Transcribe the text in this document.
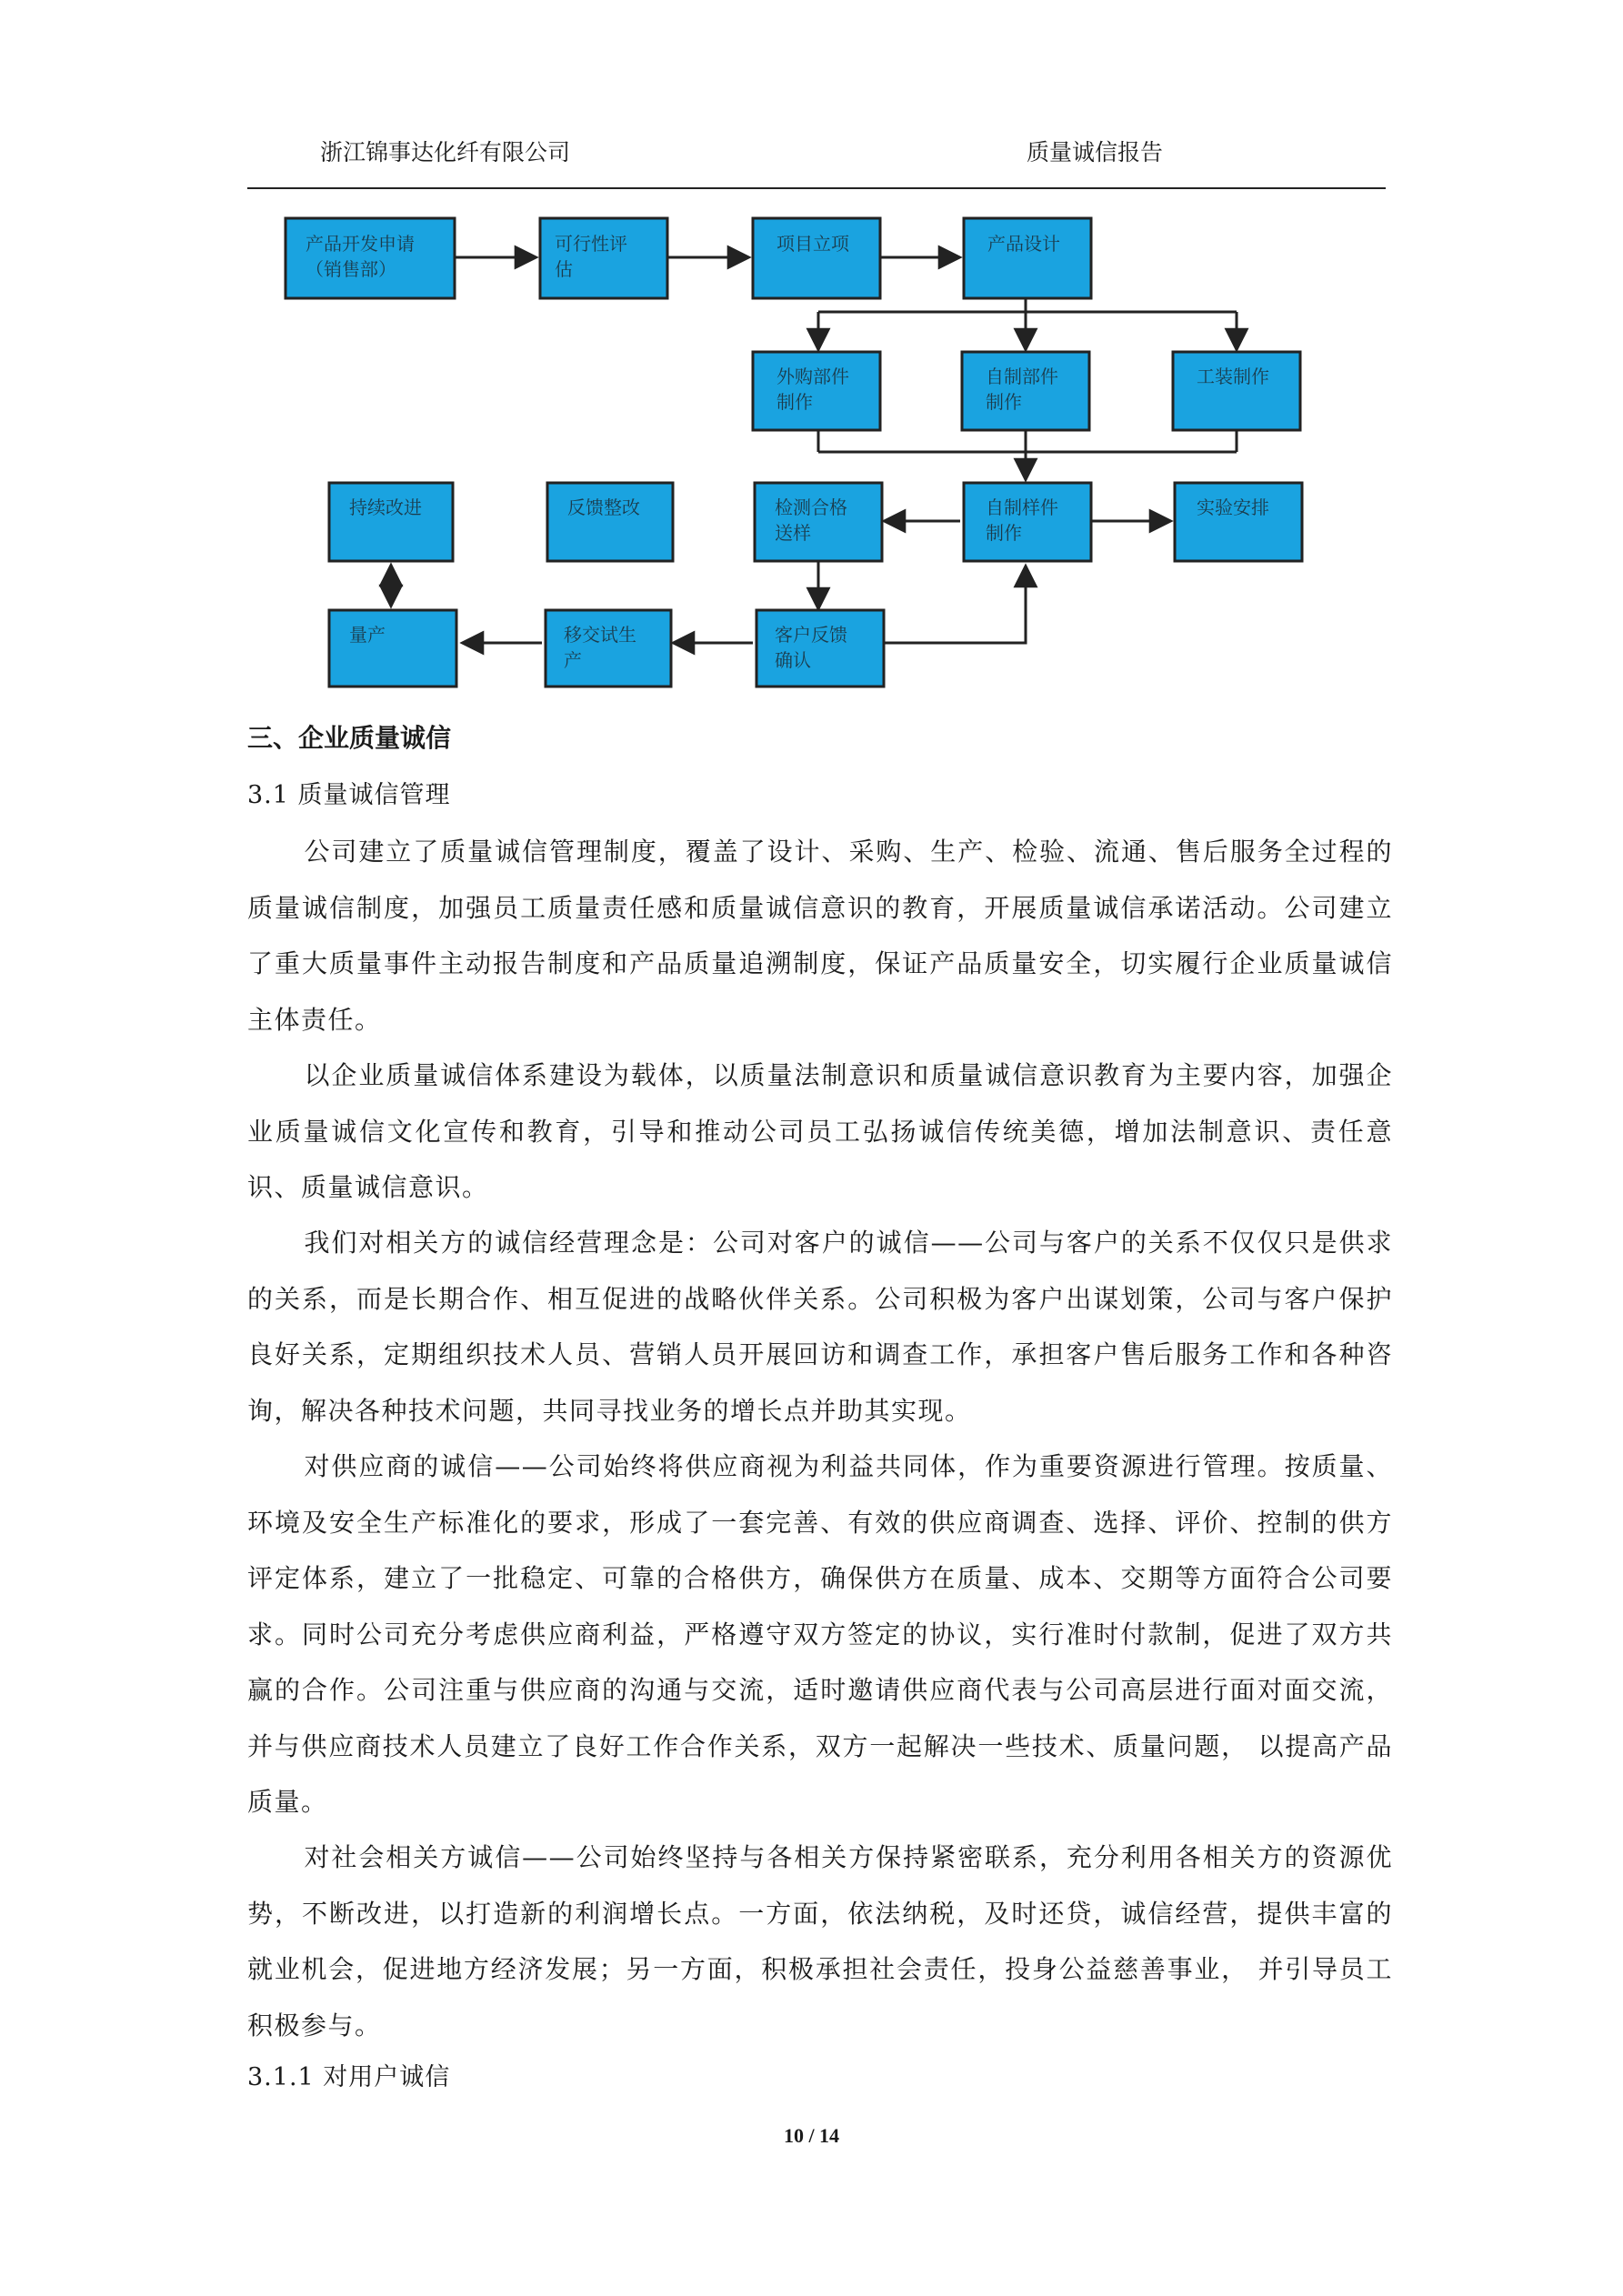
浙江锦事达化纤有限公司	质量诚信报告
产品开发申请
（销售部）
可行性评
估
项目立项	产品设计
外购部件
制作
自制部件
制作
工装制作
持续改进	反馈整改	检测合格
送样
自制样件
制作
实验安排
量产	移交试生
产
客户反馈
确认
三、企业质量诚信
3.1 质量诚信管理
公司建立了质量诚信管理制度，覆盖了设计、采购、生产、检验、流通、售后服务全过程的质量诚信制度，加强员工质量责任感和质量诚信意识的教育，开展质量诚信承诺活动。公司建立了重大质量事件主动报告制度和产品质量追溯制度，保证产品质量安全，切实履行企业质量诚信主体责任。
以企业质量诚信体系建设为载体，以质量法制意识和质量诚信意识教育为主要内容，加强企业质量诚信文化宣传和教育，引导和推动公司员工弘扬诚信传统美德，增加法制意识、责任意识、质量诚信意识。
我们对相关方的诚信经营理念是：公司对客户的诚信——公司与客户的关系不仅仅只是供求的关系，而是长期合作、相互促进的战略伙伴关系。公司积极为客户出谋划策，公司与客户保护良好关系，定期组织技术人员、营销人员开展回访和调查工作，承担客户售后服务工作和各种咨询，解决各种技术问题，共同寻找业务的增长点并助其实现。
对供应商的诚信——公司始终将供应商视为利益共同体，作为重要资源进行管理。按质量、环境及安全生产标准化的要求，形成了一套完善、有效的供应商调查、选择、评价、控制的供方评定体系，建立了一批稳定、可靠的合格供方，确保供方在质量、成本、交期等方面符合公司要求。同时公司充分考虑供应商利益，严格遵守双方签定的协议，实行准时付款制，促进了双方共赢的合作。公司注重与供应商的沟通与交流，适时邀请供应商代表与公司高层进行面对面交流，并与供应商技术人员建立了良好工作合作关系，双方一起解决一些技术、质量问题， 以提高产品质量。
对社会相关方诚信——公司始终坚持与各相关方保持紧密联系，充分利用各相关方的资源优势，不断改进，以打造新的利润增长点。一方面，依法纳税，及时还贷，诚信经营，提供丰富的就业机会，促进地方经济发展；另一方面，积极承担社会责任，投身公益慈善事业， 并引导员工积极参与。
3.1.1 对用户诚信
10 / 14
